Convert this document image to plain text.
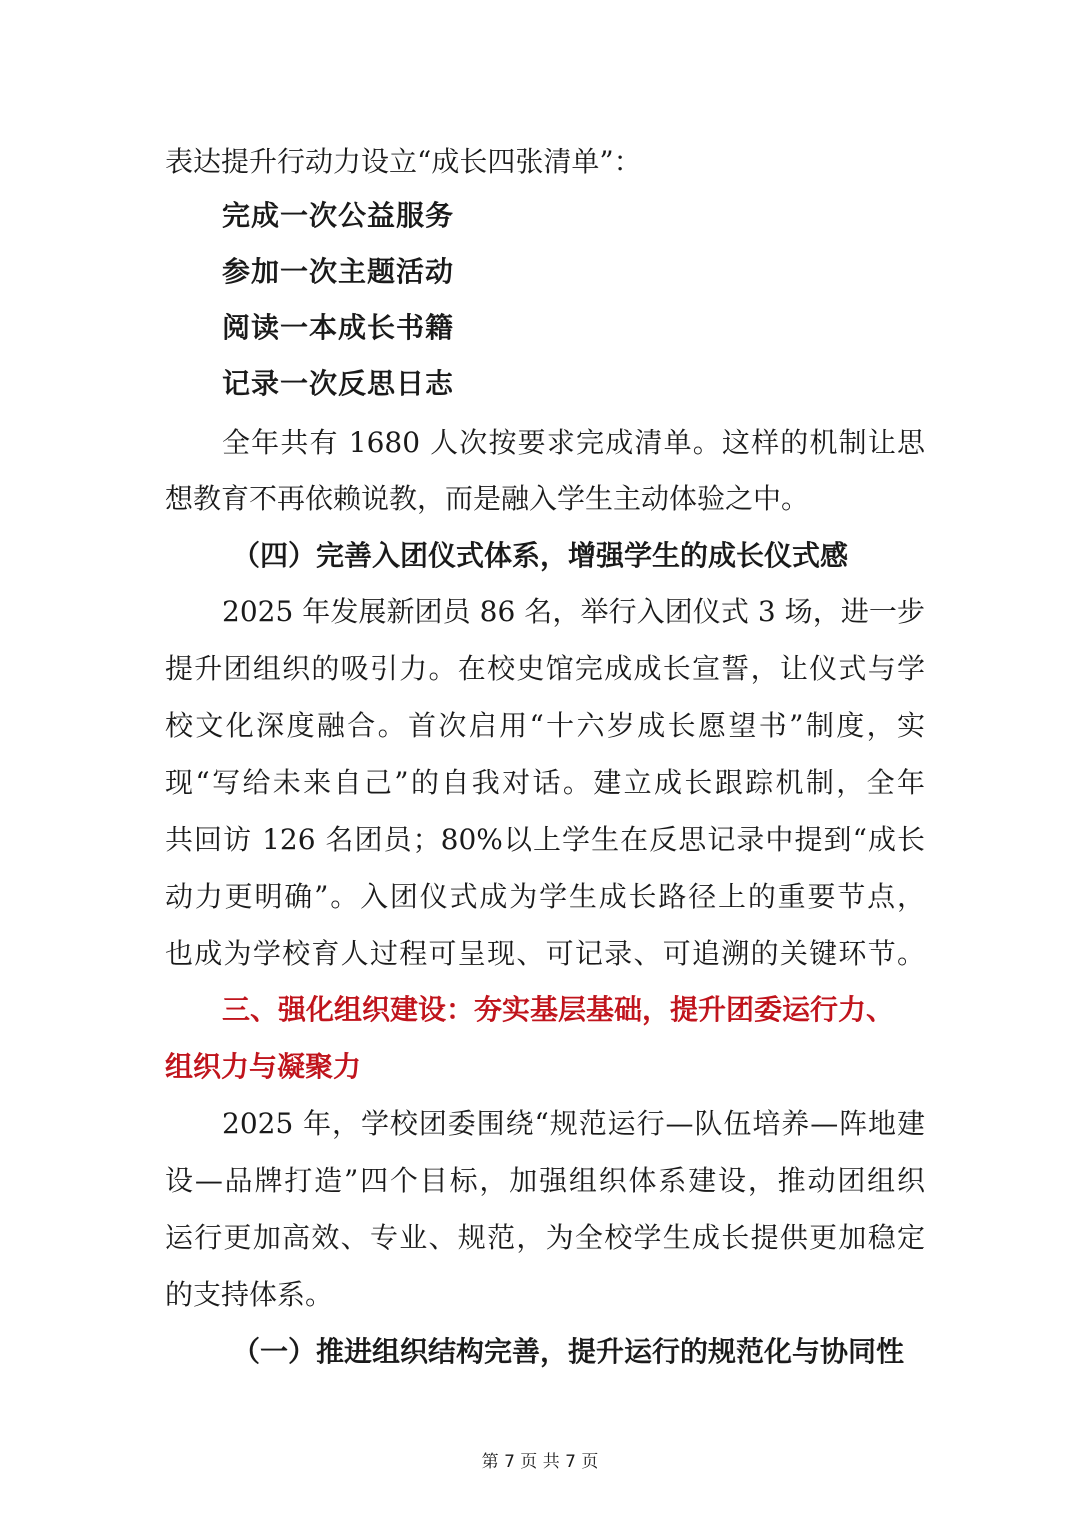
表达提升行动力设立“成长四张清单”：
完成一次公益服务
参加一次主题活动
阅读一本成长书籍
记录一次反思日志
全年共有 1680 人次按要求完成清单。这样的机制让思
想教育不再依赖说教，而是融入学生主动体验之中。
（四）完善入团仪式体系，增强学生的成长仪式感
2025 年发展新团员 86 名，举行入团仪式 3 场，进一步
提升团组织的吸引力。在校史馆完成成长宣誓，让仪式与学
校文化深度融合。首次启用“十六岁成长愿望书”制度，实
现“写给未来自己”的自我对话。建立成长跟踪机制，全年
共回访 126 名团员；80%以上学生在反思记录中提到“成长
动力更明确”。入团仪式成为学生成长路径上的重要节点，
也成为学校育人过程可呈现、可记录、可追溯的关键环节。
三、强化组织建设：夯实基层基础，提升团委运行力、
组织力与凝聚力
2025 年，学校团委围绕“规范运行—队伍培养—阵地建
设—品牌打造”四个目标，加强组织体系建设，推动团组织
运行更加高效、专业、规范，为全校学生成长提供更加稳定
的支持体系。
（一）推进组织结构完善，提升运行的规范化与协同性
第 7 页 共 7 页
